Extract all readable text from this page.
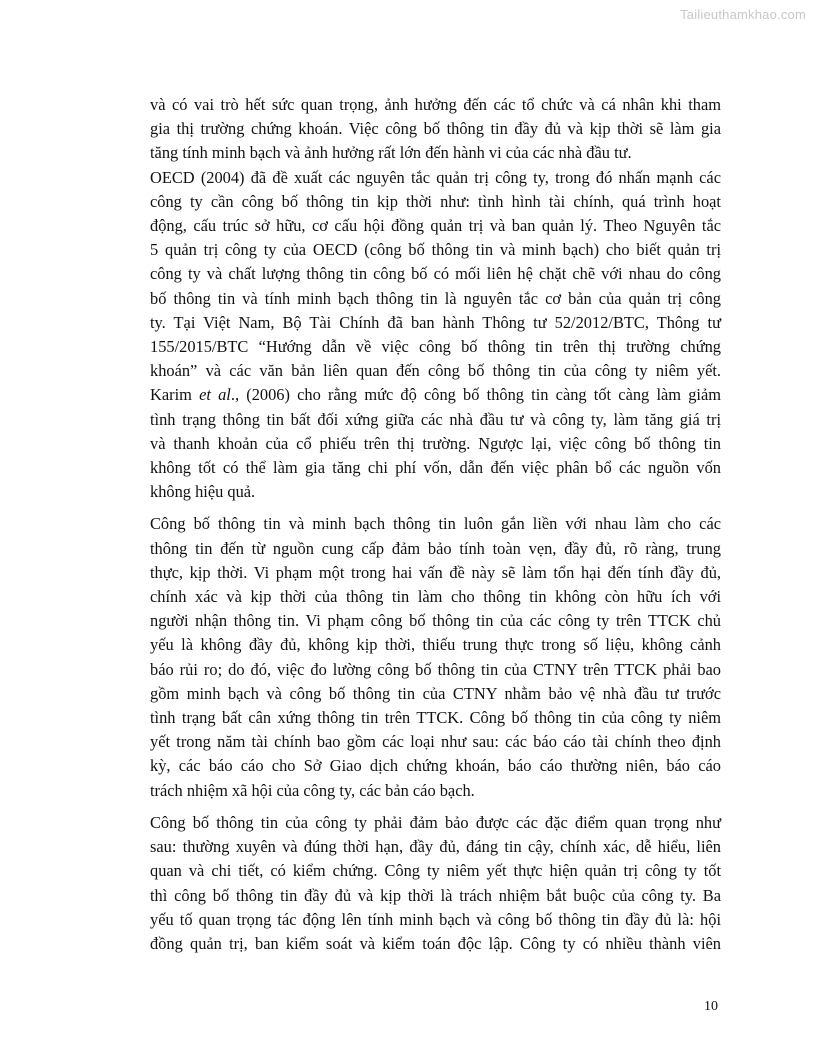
Tailieuthamkhao.com
và có vai trò hết sức quan trọng, ảnh hưởng đến các tổ chức và cá nhân khi tham
gia thị trường chứng khoán. Việc công bố thông tin đầy đủ và kịp thời sẽ làm gia
tăng tính minh bạch và ảnh hưởng rất lớn đến hành vi của các nhà đầu tư.
OECD (2004) đã đề xuất các nguyên tắc quản trị công ty, trong đó nhấn mạnh các
công ty cần công bố thông tin kịp thời như: tình hình tài chính, quá trình hoạt
động, cấu trúc sở hữu, cơ cấu hội đồng quản trị và ban quản lý. Theo Nguyên tắc
5 quản trị công ty của OECD (công bố thông tin và minh bạch) cho biết quản trị
công ty và chất lượng thông tin công bố có mối liên hệ chặt chẽ với nhau do công
bố thông tin và tính minh bạch thông tin là nguyên tắc cơ bản của quản trị công
ty. Tại Việt Nam, Bộ Tài Chính đã ban hành Thông tư 52/2012/BTC, Thông tư
155/2015/BTC “Hướng dẫn về việc công bố thông tin trên thị trường chứng
khoán” và các văn bản liên quan đến công bố thông tin của công ty niêm yết.
Karim et al., (2006) cho rằng mức độ công bố thông tin càng tốt càng làm giảm
tình trạng thông tin bất đối xứng giữa các nhà đầu tư và công ty, làm tăng giá trị
và thanh khoản của cổ phiếu trên thị trường. Ngược lại, việc công bố thông tin
không tốt có thể làm gia tăng chi phí vốn, dẫn đến việc phân bổ các nguồn vốn
không hiệu quả.
Công bố thông tin và minh bạch thông tin luôn gắn liền với nhau làm cho các
thông tin đến từ nguồn cung cấp đảm bảo tính toàn vẹn, đầy đủ, rõ ràng, trung
thực, kịp thời. Vi phạm một trong hai vấn đề này sẽ làm tổn hại đến tính đầy đủ,
chính xác và kịp thời của thông tin làm cho thông tin không còn hữu ích với
người nhận thông tin. Vi phạm công bố thông tin của các công ty trên TTCK chủ
yếu là không đầy đủ, không kịp thời, thiếu trung thực trong số liệu, không cảnh
báo rủi ro; do đó, việc đo lường công bố thông tin của CTNY trên TTCK phải bao
gồm minh bạch và công bố thông tin của CTNY nhằm bảo vệ nhà đầu tư trước
tình trạng bất cân xứng thông tin trên TTCK. Công bố thông tin của công ty niêm
yết trong năm tài chính bao gồm các loại như sau: các báo cáo tài chính theo định
kỳ, các báo cáo cho Sở Giao dịch chứng khoán, báo cáo thường niên, báo cáo
trách nhiệm xã hội của công ty, các bản cáo bạch.
Công bố thông tin của công ty phải đảm bảo được các đặc điểm quan trọng như
sau: thường xuyên và đúng thời hạn, đầy đủ, đáng tin cậy, chính xác, dễ hiểu, liên
quan và chi tiết, có kiểm chứng. Công ty niêm yết thực hiện quản trị công ty tốt
thì công bố thông tin đầy đủ và kịp thời là trách nhiệm bắt buộc của công ty. Ba
yếu tố quan trọng tác động lên tính minh bạch và công bố thông tin đầy đủ là: hội
đồng quản trị, ban kiểm soát và kiểm toán độc lập. Công ty có nhiều thành viên
10
